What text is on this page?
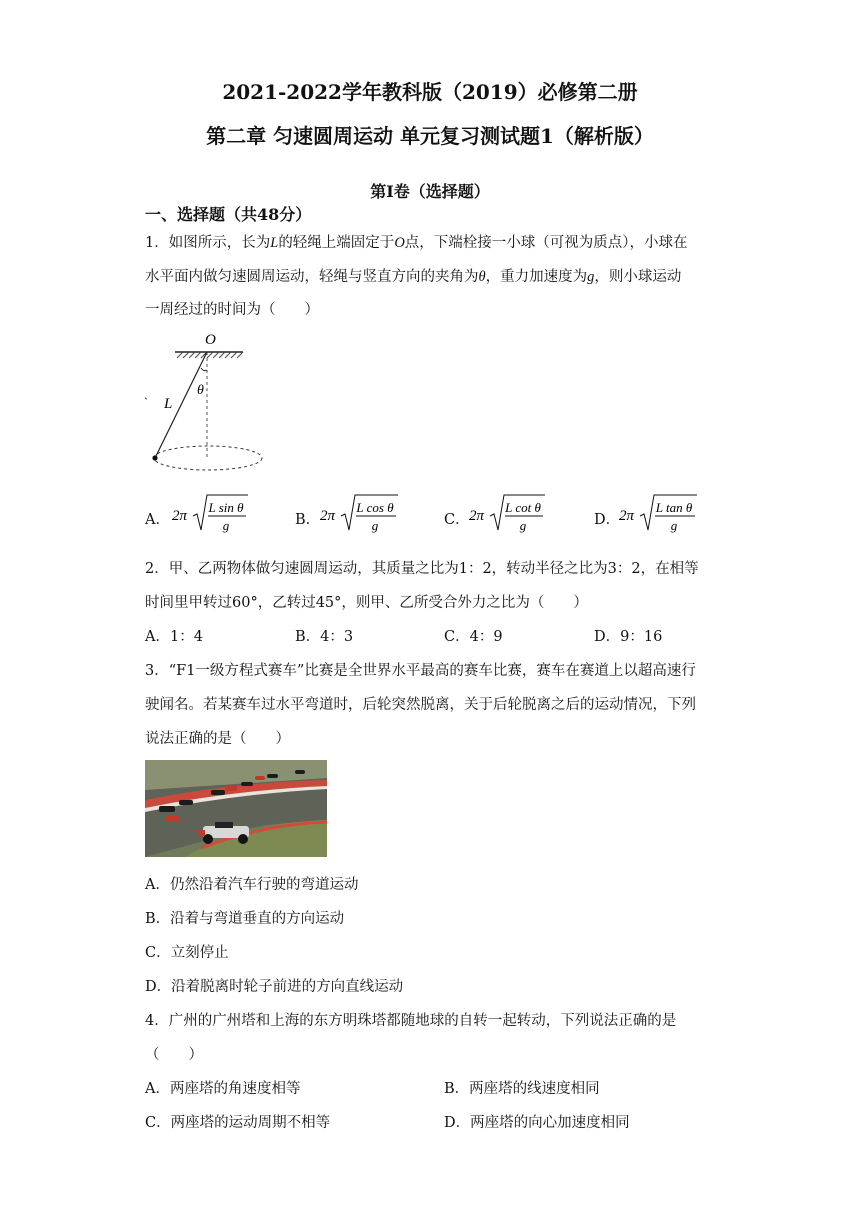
2021-2022学年教科版（2019）必修第二册
第二章 匀速圆周运动 单元复习测试题1（解析版）
第Ⅰ卷（选择题）
一、选择题（共48分）
1．如图所示，长为L的轻绳上端固定于O点，下端栓接一小球（可视为质点），小球在
水平面内做匀速圆周运动，轻绳与竖直方向的夹角为θ，重力加速度为g，则小球运动
一周经过的时间为（　　）
O
θ
L
`
A． 2π
L sin θ
g	B． 2π
L cos θ
g	C． 2π
L cot θ
g	D．
2π
L tan θ
g
2．甲、乙两物体做匀速圆周运动，其质量之比为1：2，转动半径之比为3：2，在相等
时间里甲转过60°，乙转过45°，则甲、乙所受合外力之比为（　　）
A．1：4	B．4：3	C．4：9	D．9：16
3．“F1一级方程式赛车”比赛是全世界水平最高的赛车比赛，赛车在赛道上以超高速行
驶闻名。若某赛车过水平弯道时，后轮突然脱离，关于后轮脱离之后的运动情况，下列
说法正确的是（　　）
A．仍然沿着汽车行驶的弯道运动
B．沿着与弯道垂直的方向运动
C．立刻停止
D．沿着脱离时轮子前进的方向直线运动
4．广州的广州塔和上海的东方明珠塔都随地球的自转一起转动，下列说法正确的是
（　　）
A．两座塔的角速度相等	B．两座塔的线速度相同
C．两座塔的运动周期不相等	D．两座塔的向心加速度相同
